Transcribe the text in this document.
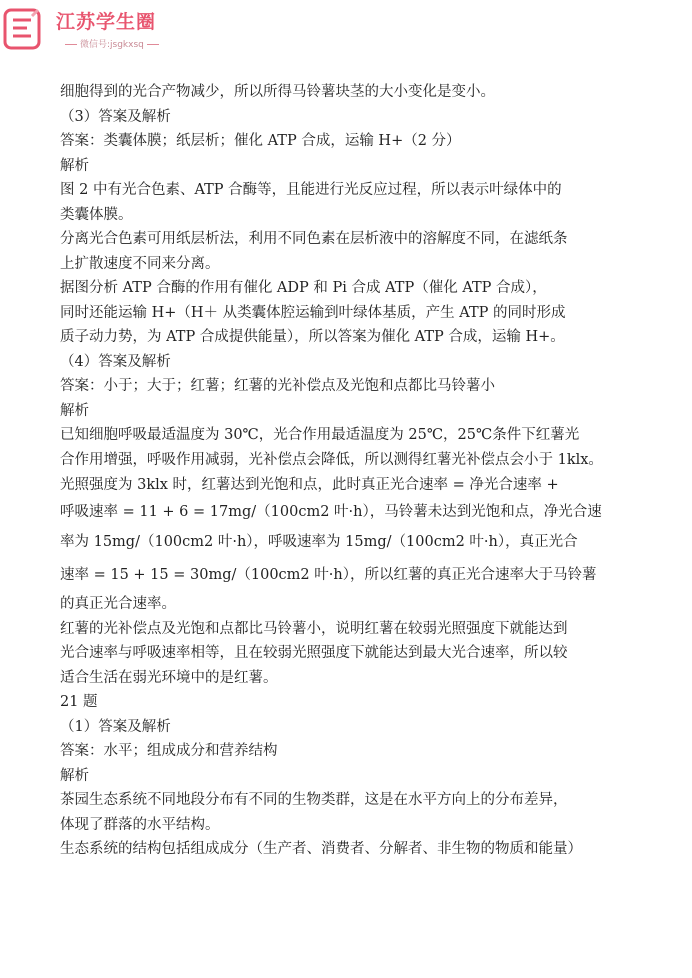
江苏学生圈
微信号:jsgkxsq
细胞得到的光合产物减少，所以所得马铃薯块茎的大小变化是变小。
（3）答案及解析
答案：类囊体膜；纸层析；催化 ATP 合成，运输 H+（2 分）
解析
图 2 中有光合色素、ATP 合酶等，且能进行光反应过程，所以表示叶绿体中的
类囊体膜。
分离光合色素可用纸层析法，利用不同色素在层析液中的溶解度不同，在滤纸条
上扩散速度不同来分离。
据图分析 ATP 合酶的作用有催化 ADP 和 Pi 合成 ATP（催化 ATP 合成），
同时还能运输 H+（H＋ 从类囊体腔运输到叶绿体基质，产生 ATP 的同时形成
质子动力势，为 ATP 合成提供能量），所以答案为催化 ATP 合成，运输 H+。
（4）答案及解析
答案：小于；大于；红薯；红薯的光补偿点及光饱和点都比马铃薯小
解析
已知细胞呼吸最适温度为 30℃，光合作用最适温度为 25℃，25℃条件下红薯光
合作用增强，呼吸作用减弱，光补偿点会降低，所以测得红薯光补偿点会小于 1klx。
光照强度为 3klx 时，红薯达到光饱和点，此时真正光合速率 = 净光合速率 +
呼吸速率 = 11 + 6 = 17mg/（100cm2 叶·h），马铃薯未达到光饱和点，净光合速
率为 15mg/（100cm2 叶·h），呼吸速率为 15mg/（100cm2 叶·h），真正光合
速率 = 15 + 15 = 30mg/（100cm2 叶·h），所以红薯的真正光合速率大于马铃薯
的真正光合速率。
红薯的光补偿点及光饱和点都比马铃薯小，说明红薯在较弱光照强度下就能达到
光合速率与呼吸速率相等，且在较弱光照强度下就能达到最大光合速率，所以较
适合生活在弱光环境中的是红薯。
21 题
（1）答案及解析
答案：水平；组成成分和营养结构
解析
茶园生态系统不同地段分布有不同的生物类群，这是在水平方向上的分布差异，
体现了群落的水平结构。
生态系统的结构包括组成成分（生产者、消费者、分解者、非生物的物质和能量）
